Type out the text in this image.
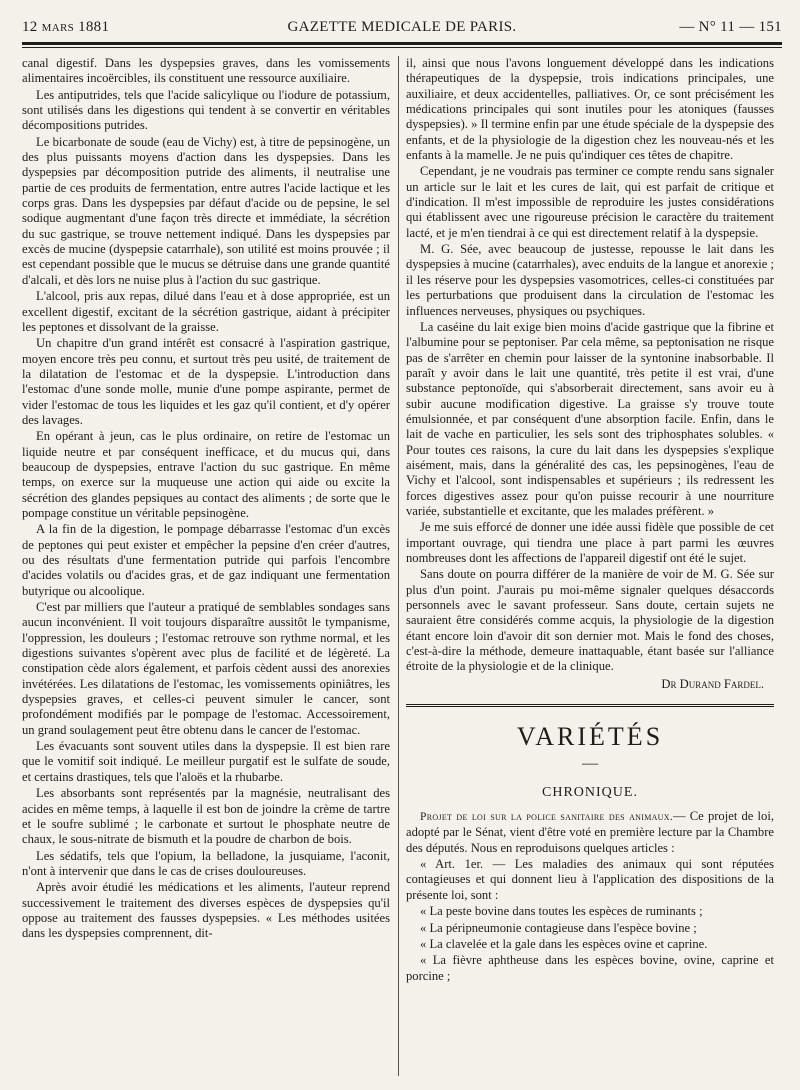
12 mars 1881	GAZETTE MEDICALE DE PARIS.	— N° 11 — 151

canal digestif. Dans les dyspepsies graves, dans les vomissements alimentaires incoërcibles, ils constituent une ressource auxiliaire.

Les antiputrides, tels que l'acide salicylique ou l'iodure de potassium, sont utilisés dans les digestions qui tendent à se convertir en véritables décompositions putrides.

Le bicarbonate de soude (eau de Vichy) est, à titre de pepsinogène, un des plus puissants moyens d'action dans les dyspepsies. Dans les dyspepsies par décomposition putride des aliments, il neutralise une partie de ces produits de fermentation, entre autres l'acide lactique et les corps gras. Dans les dyspepsies par défaut d'acide ou de pepsine, le sel sodique augmentant d'une façon très directe et immédiate, la sécrétion du suc gastrique, se trouve nettement indiqué. Dans les dyspepsies par excès de mucine (dyspepsie catarrhale), son utilité est moins prouvée ; il est cependant possible que le mucus se détruise dans une grande quantité d'alcali, et dès lors ne nuise plus à l'action du suc gastrique.

L'alcool, pris aux repas, dilué dans l'eau et à dose appropriée, est un excellent digestif, excitant de la sécrétion gastrique, aidant à précipiter les peptones et dissolvant de la graisse.

Un chapitre d'un grand intérêt est consacré à l'aspiration gastrique, moyen encore très peu connu, et surtout très peu usité, de traitement de la dilatation de l'estomac et de la dyspepsie. L'introduction dans l'estomac d'une sonde molle, munie d'une pompe aspirante, permet de vider l'estomac de tous les liquides et les gaz qu'il contient, et d'y opérer des lavages.

En opérant à jeun, cas le plus ordinaire, on retire de l'estomac un liquide neutre et par conséquent inefficace, et du mucus qui, dans beaucoup de dyspepsies, entrave l'action du suc gastrique. En même temps, on exerce sur la muqueuse une action qui aide ou excite la sécrétion des glandes pepsiques au contact des aliments ; de sorte que le pompage constitue un véritable pepsinogène.

A la fin de la digestion, le pompage débarrasse l'estomac d'un excès de peptones qui peut exister et empêcher la pepsine d'en créer d'autres, ou des résultats d'une fermentation putride qui parfois l'encombre d'acides volatils ou d'acides gras, et de gaz indiquant une fermentation butyrique ou alcoolique.

C'est par milliers que l'auteur a pratiqué de semblables sondages sans aucun inconvénient. Il voit toujours disparaître aussitôt le tympanisme, l'oppression, les douleurs ; l'estomac retrouve son rythme normal, et les digestions suivantes s'opèrent avec plus de facilité et de légèreté. La constipation cède alors également, et parfois cèdent aussi des anorexies invétérées. Les dilatations de l'estomac, les vomissements opiniâtres, les dyspepsies graves, et celles-ci peuvent simuler le cancer, sont profondément modifiés par le pompage de l'estomac. Accessoirement, un grand soulagement peut être obtenu dans le cancer de l'estomac.

Les évacuants sont souvent utiles dans la dyspepsie. Il est bien rare que le vomitif soit indiqué. Le meilleur purgatif est le sulfate de soude, et certains drastiques, tels que l'aloës et la rhubarbe.

Les absorbants sont représentés par la magnésie, neutralisant des acides en même temps, à laquelle il est bon de joindre la crème de tartre et le soufre sublimé ; le carbonate et surtout le phosphate neutre de chaux, le sous-nitrate de bismuth et la poudre de charbon de bois.

Les sédatifs, tels que l'opium, la belladone, la jusquiame, l'aconit, n'ont à intervenir que dans le cas de crises douloureuses.

Après avoir étudié les médications et les aliments, l'auteur reprend successivement le traitement des diverses espèces de dyspepsies qu'il oppose au traitement des fausses dyspepsies. « Les méthodes usitées dans les dyspepsies comprennent, dit-

il, ainsi que nous l'avons longuement développé dans les indications thérapeutiques de la dyspepsie, trois indications principales, une auxiliaire, et deux accidentelles, palliatives. Or, ce sont précisément les médications principales qui sont inutiles pour les atoniques (fausses dyspepsies). » Il termine enfin par une étude spéciale de la dyspepsie des enfants, et de la physiologie de la digestion chez les nouveau-nés et les enfants à la mamelle. Je ne puis qu'indiquer ces têtes de chapitre.

Cependant, je ne voudrais pas terminer ce compte rendu sans signaler un article sur le lait et les cures de lait, qui est parfait de critique et d'indication. Il m'est impossible de reproduire les justes considérations qui établissent avec une rigoureuse précision le caractère du traitement lacté, et je m'en tiendrai à ce qui est directement relatif à la dyspepsie.

M. G. Sée, avec beaucoup de justesse, repousse le lait dans les dyspepsies à mucine (catarrhales), avec enduits de la langue et anorexie ; il les réserve pour les dyspepsies vasomotrices, celles-ci constituées par les perturbations que produisent dans la circulation de l'estomac les influences nerveuses, physiques ou psychiques.

La caséine du lait exige bien moins d'acide gastrique que la fibrine et l'albumine pour se peptoniser. Par cela même, sa peptonisation ne risque pas de s'arrêter en chemin pour laisser de la syntonine inabsorbable. Il paraît y avoir dans le lait une quantité, très petite il est vrai, d'une substance peptonoïde, qui s'absorberait directement, sans avoir eu à subir aucune modification digestive. La graisse s'y trouve toute émulsionnée, et par conséquent d'une absorption facile. Enfin, dans le lait de vache en particulier, les sels sont des triphosphates solubles. « Pour toutes ces raisons, la cure du lait dans les dyspepsies s'explique aisément, mais, dans la généralité des cas, les pepsinogènes, l'eau de Vichy et l'alcool, sont indispensables et supérieurs ; ils redressent les forces digestives assez pour qu'on puisse recourir à une nourriture variée, substantielle et excitante, que les malades préfèrent. »

Je me suis efforcé de donner une idée aussi fidèle que possible de cet important ouvrage, qui tiendra une place à part parmi les œuvres nombreuses dont les affections de l'appareil digestif ont été le sujet.

Sans doute on pourra différer de la manière de voir de M. G. Sée sur plus d'un point. J'aurais pu moi-même signaler quelques désaccords personnels avec le savant professeur. Sans doute, certain sujets ne sauraient être considérés comme acquis, la physiologie de la digestion étant encore loin d'avoir dit son dernier mot. Mais le fond des choses, c'est-à-dire la méthode, demeure inattaquable, étant basée sur l'alliance étroite de la physiologie et de la clinique.

Dr Durand Fardel.
VARIÉTÉS
—
CHRONIQUE.

Projet de loi sur la police sanitaire des animaux.— Ce projet de loi, adopté par le Sénat, vient d'être voté en première lecture par la Chambre des députés. Nous en reproduisons quelques articles :

« Art. 1er. — Les maladies des animaux qui sont réputées contagieuses et qui donnent lieu à l'application des dispositions de la présente loi, sont :

« La peste bovine dans toutes les espèces de ruminants ;

« La péripneumonie contagieuse dans l'espèce bovine ;

« La clavelée et la gale dans les espèces ovine et caprine.

« La fièvre aphtheuse dans les espèces bovine, ovine, caprine et porcine ;
